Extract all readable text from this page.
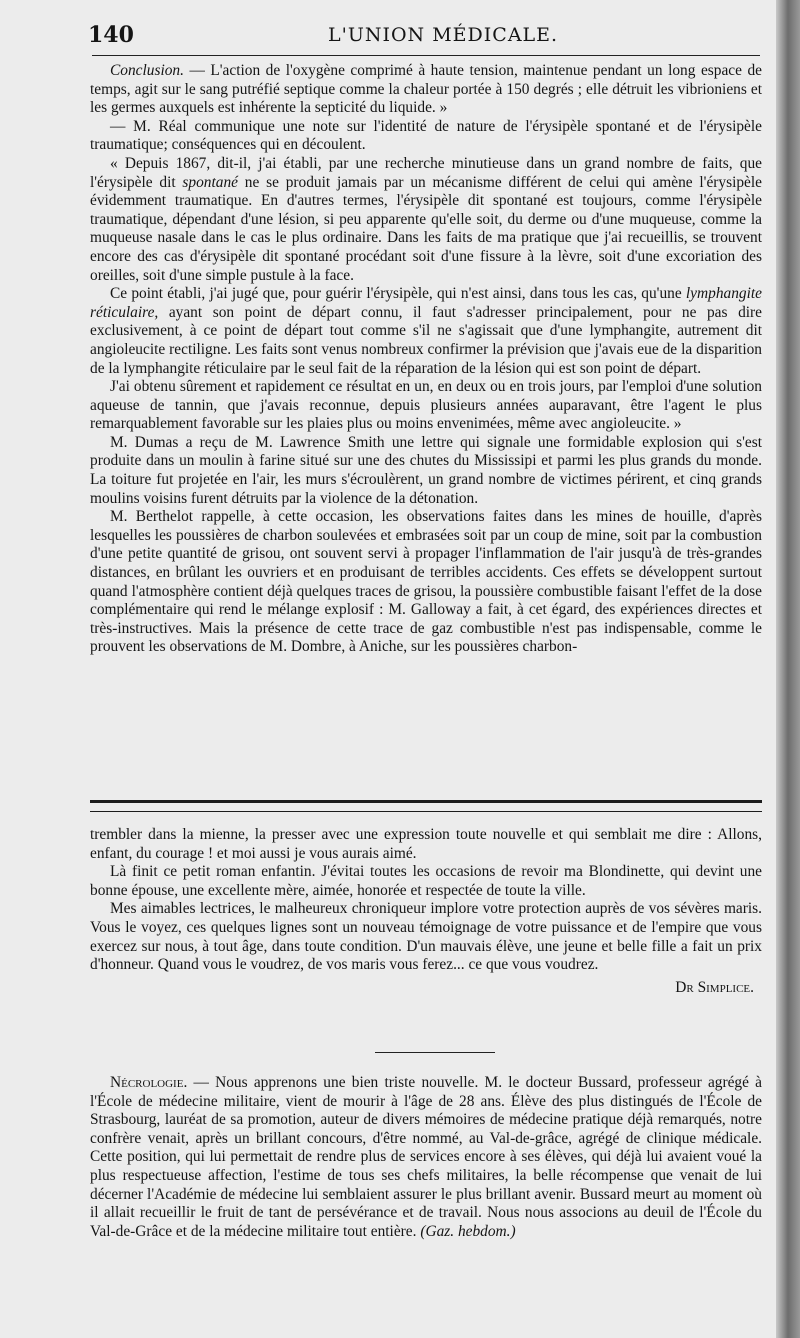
140	L'UNION MÉDICALE.

Conclusion. — L'action de l'oxygène comprimé à haute tension, maintenue pendant un long espace de temps, agit sur le sang putréfié septique comme la chaleur portée à 150 degrés ; elle détruit les vibrioniens et les germes auxquels est inhérente la septicité du liquide. »

— M. Réal communique une note sur l'identité de nature de l'érysipèle spontané et de l'érysipèle traumatique; conséquences qui en découlent.

« Depuis 1867, dit-il, j'ai établi, par une recherche minutieuse dans un grand nombre de faits, que l'érysipèle dit spontané ne se produit jamais par un mécanisme différent de celui qui amène l'érysipèle évidemment traumatique. En d'autres termes, l'érysipèle dit spontané est toujours, comme l'érysipèle traumatique, dépendant d'une lésion, si peu apparente qu'elle soit, du derme ou d'une muqueuse, comme la muqueuse nasale dans le cas le plus ordinaire. Dans les faits de ma pratique que j'ai recueillis, se trouvent encore des cas d'érysipèle dit spontané procédant soit d'une fissure à la lèvre, soit d'une excoriation des oreilles, soit d'une simple pustule à la face.

Ce point établi, j'ai jugé que, pour guérir l'érysipèle, qui n'est ainsi, dans tous les cas, qu'une lymphangite réticulaire, ayant son point de départ connu, il faut s'adresser principalement, pour ne pas dire exclusivement, à ce point de départ tout comme s'il ne s'agissait que d'une lymphangite, autrement dit angioleucite rectiligne. Les faits sont venus nombreux confirmer la prévision que j'avais eue de la disparition de la lymphangite réticulaire par le seul fait de la réparation de la lésion qui est son point de départ.

J'ai obtenu sûrement et rapidement ce résultat en un, en deux ou en trois jours, par l'emploi d'une solution aqueuse de tannin, que j'avais reconnue, depuis plusieurs années auparavant, être l'agent le plus remarquablement favorable sur les plaies plus ou moins envenimées, même avec angioleucite. »

M. Dumas a reçu de M. Lawrence Smith une lettre qui signale une formidable explosion qui s'est produite dans un moulin à farine situé sur une des chutes du Mississipi et parmi les plus grands du monde. La toiture fut projetée en l'air, les murs s'écroulèrent, un grand nombre de victimes périrent, et cinq grands moulins voisins furent détruits par la violence de la détonation.

M. Berthelot rappelle, à cette occasion, les observations faites dans les mines de houille, d'après lesquelles les poussières de charbon soulevées et embrasées soit par un coup de mine, soit par la combustion d'une petite quantité de grisou, ont souvent servi à propager l'inflammation de l'air jusqu'à de très-grandes distances, en brûlant les ouvriers et en produisant de terribles accidents. Ces effets se développent surtout quand l'atmosphère contient déjà quelques traces de grisou, la poussière combustible faisant l'effet de la dose complémentaire qui rend le mélange explosif : M. Galloway a fait, à cet égard, des expériences directes et très-instructives. Mais la présence de cette trace de gaz combustible n'est pas indispensable, comme le prouvent les observations de M. Dombre, à Aniche, sur les poussières charbon-

trembler dans la mienne, la presser avec une expression toute nouvelle et qui semblait me dire : Allons, enfant, du courage ! et moi aussi je vous aurais aimé.

Là finit ce petit roman enfantin. J'évitai toutes les occasions de revoir ma Blondinette, qui devint une bonne épouse, une excellente mère, aimée, honorée et respectée de toute la ville.

Mes aimables lectrices, le malheureux chroniqueur implore votre protection auprès de vos sévères maris. Vous le voyez, ces quelques lignes sont un nouveau témoignage de votre puissance et de l'empire que vous exercez sur nous, à tout âge, dans toute condition. D'un mauvais élève, une jeune et belle fille a fait un prix d'honneur. Quand vous le voudrez, de vos maris vous ferez... ce que vous voudrez.

Dr Simplice.

Nécrologie. — Nous apprenons une bien triste nouvelle. M. le docteur Bussard, professeur agrégé à l'École de médecine militaire, vient de mourir à l'âge de 28 ans. Élève des plus distingués de l'École de Strasbourg, lauréat de sa promotion, auteur de divers mémoires de médecine pratique déjà remarqués, notre confrère venait, après un brillant concours, d'être nommé, au Val-de-grâce, agrégé de clinique médicale. Cette position, qui lui permettait de rendre plus de services encore à ses élèves, qui déjà lui avaient voué la plus respectueuse affection, l'estime de tous ses chefs militaires, la belle récompense que venait de lui décerner l'Académie de médecine lui semblaient assurer le plus brillant avenir. Bussard meurt au moment où il allait recueillir le fruit de tant de persévérance et de travail. Nous nous associons au deuil de l'École du Val-de-Grâce et de la médecine militaire tout entière. (Gaz. hebdom.)
